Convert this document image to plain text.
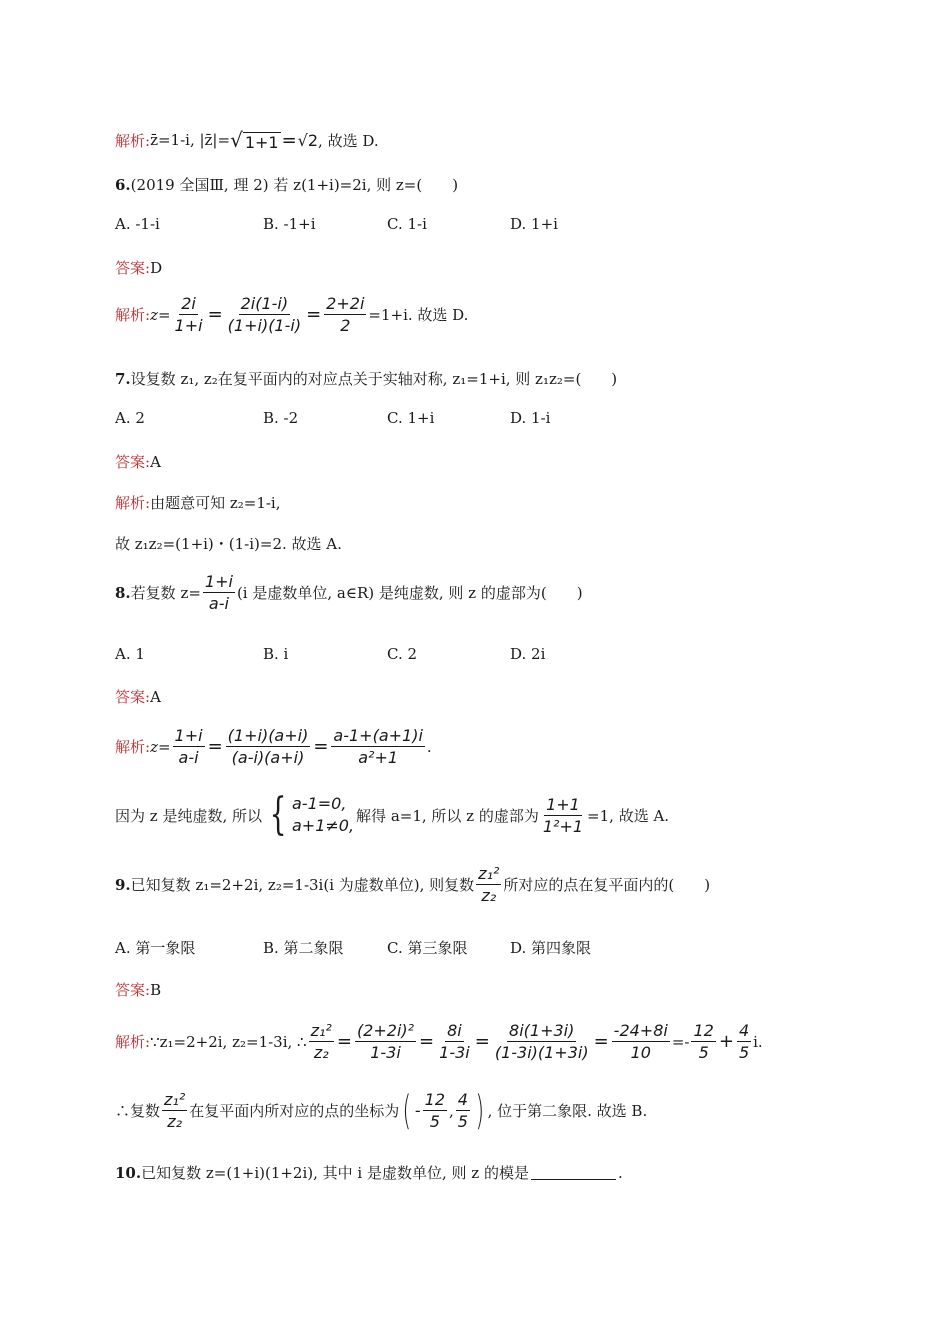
解析: z̄=1-i, |z̄|= √ 1+1 = √2 , 故选 D.
6. (2019 全国Ⅲ, 理 2) 若 z(1+i)=2i, 则 z=(　　)
A. -1-i	B. -1+i	C. 1-i	D. 1+i
答案: D
解析: $z= \frac{2i}{1+i} = \frac{2i(1-i)}{(1+i)(1-i)} = \frac{2+2i}{2} =1+i$. 故选 D.
7. 设复数 z₁, z₂在复平面内的对应点关于实轴对称, z₁=1+i, 则 z₁z₂=(　　)
A. 2	B. -2	C. 1+i	D. 1-i
答案: A
解析: 由题意可知 z₂=1-i,
故 z₁z₂=(1+i)・(1-i)=2. 故选 A.
8. 若复数 $z= \frac{1+i}{a-i} (i$ 是虚数单位, a∈R) 是纯虚数, 则 z 的虚部为(　　)
A. 1	B. i	C. 2	D. 2i
答案: A
解析: $z= \frac{1+i}{a-i} = \frac{(1+i)(a+i)}{(a-i)(a+i)} = \frac{a-1+(a+1)i}{\text{a²+1}}$ .
因为 z 是纯虚数, 所以 { a-1=0,
a+1≠0,
解得 a=1, 所以 z 的虚部为 $\frac{1+1}{\text{1²+1}} =1$, 故选 A.
9. 已知复数 z₁=2+2i, z₂=1-3i(i 为虚数单位), 则复数 $\frac{\text{z₁²}}{\text{z₂}}$ 所对应的点在复平面内的(　　)
A. 第一象限	B. 第二象限	C. 第三象限	D. 第四象限
答案: B
解析: ∵z₁=2+2i, z₂=1-3i, ∴ $\frac{\text{z₁²}}{\text{z₂}} = \frac{\text{(2+2i)²}}{1-3i} = \frac{8i}{1-3i} = \frac{8i(1+3i)}{(1-3i)(1+3i)} = \frac{-24+8i}{10} =- \frac{12}{5} + \frac{4}{5} i$.
∴复数 $\frac{\text{z₁²}}{\text{z₂}}$ 在复平面内所对应的点的坐标为 ( - $\frac{12}{5}$ , $\frac{4}{5}$ ) , 位于第二象限. 故选 B.
10. 已知复数 z=(1+i)(1+2i), 其中 i 是虚数单位, 则 z 的模是	.
